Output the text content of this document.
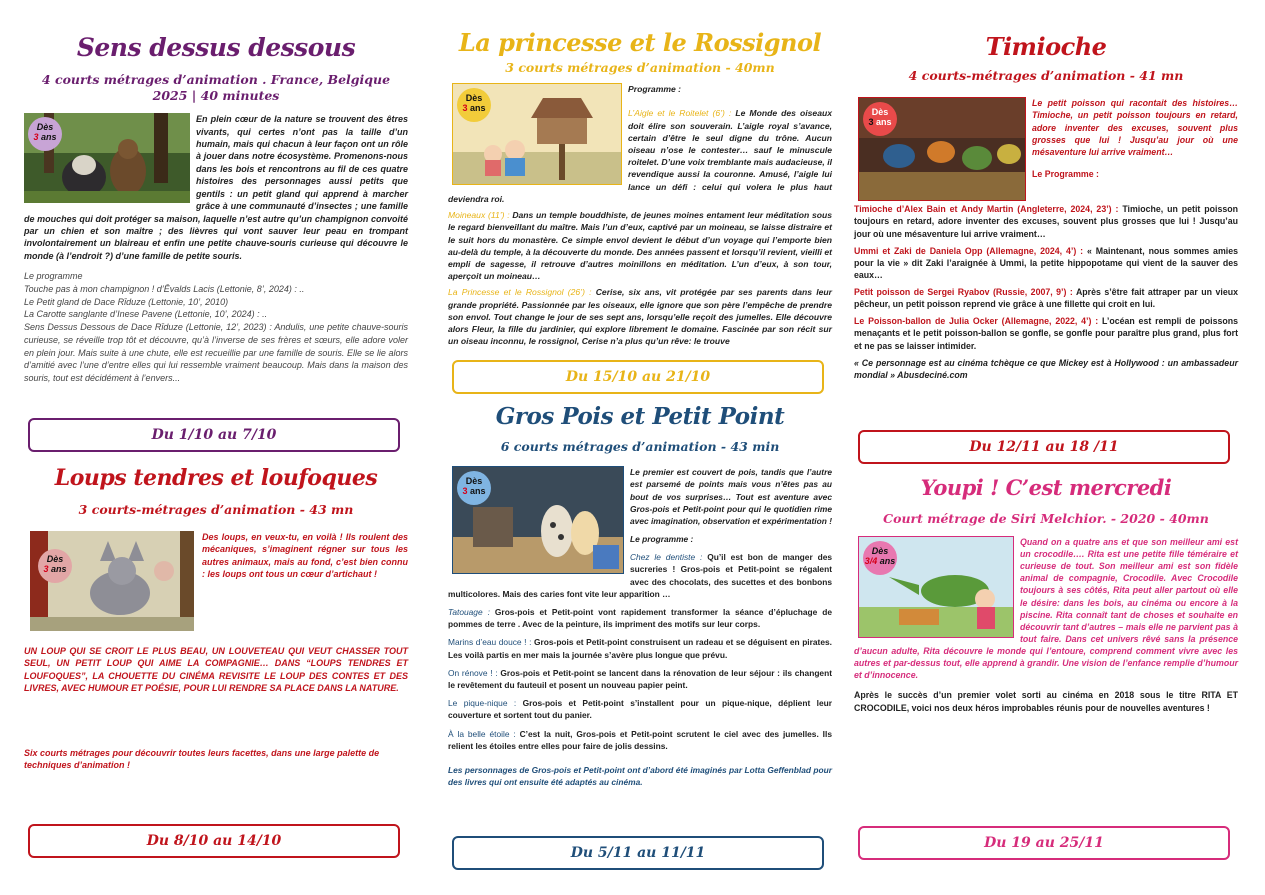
Sens dessus dessous
4 courts métrages d’animation . France, Belgique
2025 | 40 minutes
Dès
3 ans
En plein cœur de la nature se trouvent des êtres vivants, qui certes n’ont pas la taille d’un humain, mais qui chacun à leur façon ont un rôle à jouer dans notre écosystème. Promenons-nous dans les bois et rencontrons au fil de ces quatre histoires des personnages aussi petits que gentils : un petit gland qui apprend à marcher grâce à une communauté d’insectes ; une famille de mouches qui doit protéger sa maison, laquelle n’est autre qu’un champignon convoité par un chien et son maître ; des lièvres qui vont sauver leur peau en trompant involontairement un blaireau et enfin une petite chauve-souris curieuse qui découvre le monde (à l’endroit ?) d’une famille de petite souris.
Le programme
Touche pas à mon champignon ! d’Ēvalds Lacis (Lettonie, 8’, 2024) : ..
Le Petit gland de Dace Rīduze (Lettonie, 10’, 2010)
La Carotte sanglante d’Inese Pavene (Lettonie, 10’, 2024) : ..
Sens Dessus Dessous de Dace Rīduze (Lettonie, 12’, 2023) : Andulis, une petite chauve-souris curieuse, se réveille trop tôt et découvre, qu’à l’inverse de ses frères et sœurs, elle adore voler en plein jour. Mais suite à une chute, elle est recueillie par une famille de souris. Elle se lie alors d’amitié avec l’une d’entre elles qui lui ressemble vraiment beaucoup. Mais dans la maison des souris, tout est décidément à l’envers...
Du 1/10 au 7/10
Loups tendres et loufoques
3 courts-métrages d’animation - 43 mn
Dès
3 ans
Des loups, en veux-tu, en voilà ! Ils roulent des mécaniques, s’imaginent régner sur tous les autres animaux, mais au fond, c’est bien connu : les loups ont tous un cœur d’artichaut !
UN LOUP QUI SE CROIT LE PLUS BEAU, UN LOUVETEAU QUI VEUT CHASSER TOUT SEUL, UN PETIT LOUP QUI AIME LA COMPAGNIE… DANS “LOUPS TENDRES ET LOUFOQUES”, LA CHOUETTE DU CINÉMA REVISITE LE LOUP DES CONTES ET DES LIVRES, AVEC HUMOUR ET POÉSIE, POUR LUI RENDRE SA PLACE DANS LA NATURE.
Six courts métrages pour découvrir toutes leurs facettes, dans une large palette de techniques d’animation !
Du 8/10 au 14/10
La princesse et le Rossignol
3 courts métrages d’animation - 40mn
Dès
3 ans
Programme :
L’Aigle et le Roitelet (6’) : Le Monde des oiseaux doit élire son souverain. L’aigle royal s’avance, certain d’être le seul digne du trône. Aucun oiseau n’ose le contester… sauf le minuscule roitelet. D’une voix tremblante mais audacieuse, il revendique aussi la couronne. Amusé, l’aigle lui lance un défi : celui qui volera le plus haut deviendra roi.
Moineaux (11’) : Dans un temple bouddhiste, de jeunes moines entament leur méditation sous le regard bienveillant du maître. Mais l’un d’eux, captivé par un moineau, se laisse distraire et le suit hors du monastère. Ce simple envol devient le début d’un voyage qui l’emporte bien au-delà du temple, à la découverte du monde. Des années passent et lorsqu’il revient, vieilli et empli de sagesse, il retrouve d’autres moinillons en méditation. L’un d’eux, à son tour, aperçoit un moineau…
La Princesse et le Rossignol (26’) : Cerise, six ans, vit protégée par ses parents dans leur grande propriété. Passionnée par les oiseaux, elle ignore que son père l’empêche de prendre son envol. Tout change le jour de ses sept ans, lorsqu’elle reçoit des jumelles. Elle découvre alors Fleur, la fille du jardinier, qui explore librement le domaine. Fascinée par son récit sur un oiseau inconnu, le rossignol, Cerise n’a plus qu’un rêve: le trouve
Du 15/10 au 21/10
Gros Pois et Petit Point
6 courts métrages d’animation - 43 min
Dès
3 ans
Le premier est couvert de pois, tandis que l’autre est parsemé de points mais vous n’êtes pas au bout de vos surprises… Tout est aventure avec Gros-pois et Petit-point pour qui le quotidien rime avec imagination, observation et expérimentation !
Le programme :
Chez le dentiste : Qu’il est bon de manger des sucreries ! Gros-pois et Petit-point se régalent avec des chocolats, des sucettes et des bonbons multicolores. Mais des caries font vite leur apparition …
Tatouage : Gros-pois et Petit-point vont rapidement transformer la séance d’épluchage de pommes de terre . Avec de la peinture, ils impriment des motifs sur leur corps.
Marins d’eau douce ! : Gros-pois et Petit-point construisent un radeau et se déguisent en pirates. Les voilà partis en mer mais la journée s’avère plus longue que prévu.
On rénove ! : Gros-pois et Petit-point se lancent dans la rénovation de leur séjour : ils changent le revêtement du fauteuil et posent un nouveau papier peint.
Le pique-nique : Gros-pois et Petit-point s’installent pour un pique-nique, déplient leur couverture et sortent tout du panier.
À la belle étoile : C’est la nuit, Gros-pois et Petit-point scrutent le ciel avec des jumelles. Ils relient les étoiles entre elles pour faire de jolis dessins.
Les personnages de Gros-pois et Petit-point ont d’abord été imaginés par Lotta Geffenblad pour des livres qui ont ensuite été adaptés au cinéma.
Du 5/11 au 11/11
Timioche
4 courts-métrages d’animation - 41 mn
Dès
3 ans
Le petit poisson qui racontait des histoires… Timioche, un petit poisson toujours en retard, adore inventer des excuses, souvent plus grosses que lui ! Jusqu’au jour où une mésaventure lui arrive vraiment…
Le Programme :

Timioche d’Alex Bain et Andy Martin (Angleterre, 2024, 23’) : Timioche, un petit poisson toujours en retard, adore inventer des excuses, souvent plus grosses que lui ! Jusqu’au jour où une mésaventure lui arrive vraiment…

Ummi et Zaki de Daniela Opp (Allemagne, 2024, 4’) : « Maintenant, nous sommes amies pour la vie » dit Zaki l’araignée à Ummi, la petite hippopotame qui vient de la sauver des eaux…

Petit poisson de Sergei Ryabov (Russie, 2007, 9’) : Après s’être fait attraper par un vieux pêcheur, un petit poisson reprend vie grâce à une fillette qui croit en lui.

Le Poisson-ballon de Julia Ocker (Allemagne, 2022, 4’) : L’océan est rempli de poissons menaçants et le petit poisson-ballon se gonfle, se gonfle pour paraître plus grand, plus fort et ne pas se laisser intimider.

« Ce personnage est au cinéma tchèque ce que Mickey est à Hollywood : un ambassadeur mondial » Abusdeciné.com

Du 12/11 au 18 /11
Youpi ! C’est mercredi
Court métrage de Siri Melchior. - 2020 - 40mn
Dès
3/4 ans
Quand on a quatre ans et que son meilleur ami est un crocodile…. Rita est une petite fille téméraire et curieuse de tout. Son meilleur ami est son fidèle animal de compagnie, Crocodile. Avec Crocodile toujours à ses côtés, Rita peut aller partout où elle le désire: dans les bois, au cinéma ou encore à la piscine. Rita connaît tant de choses et souhaite en découvrir tant d’autres – mais elle ne parvient pas à tout faire. Dans cet univers rêvé sans la présence d’aucun adulte, Rita découvre le monde qui l’entoure, comprend comment vivre avec les autres et par-dessus tout, elle apprend à grandir. Une vision de l’enfance remplie d’humour et d’innocence.
Après le succès d’un premier volet sorti au cinéma en 2018 sous le titre RITA ET CROCODILE, voici nos deux héros improbables réunis pour de nouvelles aventures !
Du 19 au 25/11
